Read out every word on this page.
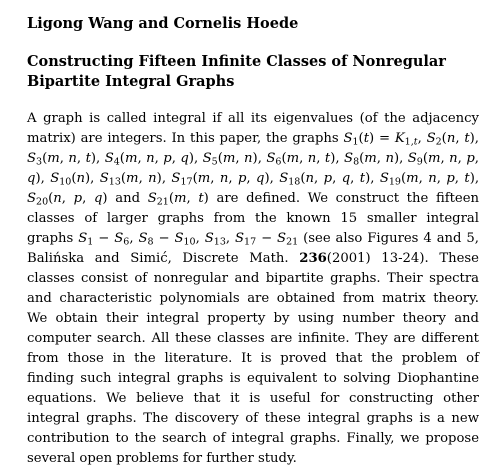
Ligong Wang and Cornelis Hoede
Constructing Fifteen Infinite Classes of Nonregular Bipartite Integral Graphs
A graph is called integral if all its eigenvalues (of the adjacency matrix) are integers. In this paper, the graphs $S_1(t) = K_{1,t}$, $S_2(n$, t), $S_3(m$, n, t), $S_4(m$, n, p, q), $S_5(m$, n), $S_6(m$, n, t), $S_8(m$, n), $S_9(m$, n, p, q), $S_{10}(n)$, $S_{13}(m$, n), $S_{17}(m$, n, p, q), $S_{18}(n$, p, q, t), $S_{19}(m$, n, p, t), $S_{20}(n$, p, q) and $S_{21}(m$, t) are defined. We construct the fifteen classes of larger graphs from the known 15 smaller integral graphs $S_1 - S_6$, $S_8 - S_{10}$, $S_{13}$, $S_{17} - S_{21}$ (see also Figures 4 and 5, Balińska and Simić, Discrete Math. 236(2001) 13-24). These classes consist of nonregular and bipartite graphs. Their spectra and characteristic polynomials are obtained from matrix theory. We obtain their integral property by using number theory and computer search. All these classes are infinite. They are different from those in the literature. It is proved that the problem of finding such integral graphs is equivalent to solving Diophantine equations. We believe that it is useful for constructing other integral graphs. The discovery of these integral graphs is a new contribution to the search of integral graphs. Finally, we propose several open problems for further study.
